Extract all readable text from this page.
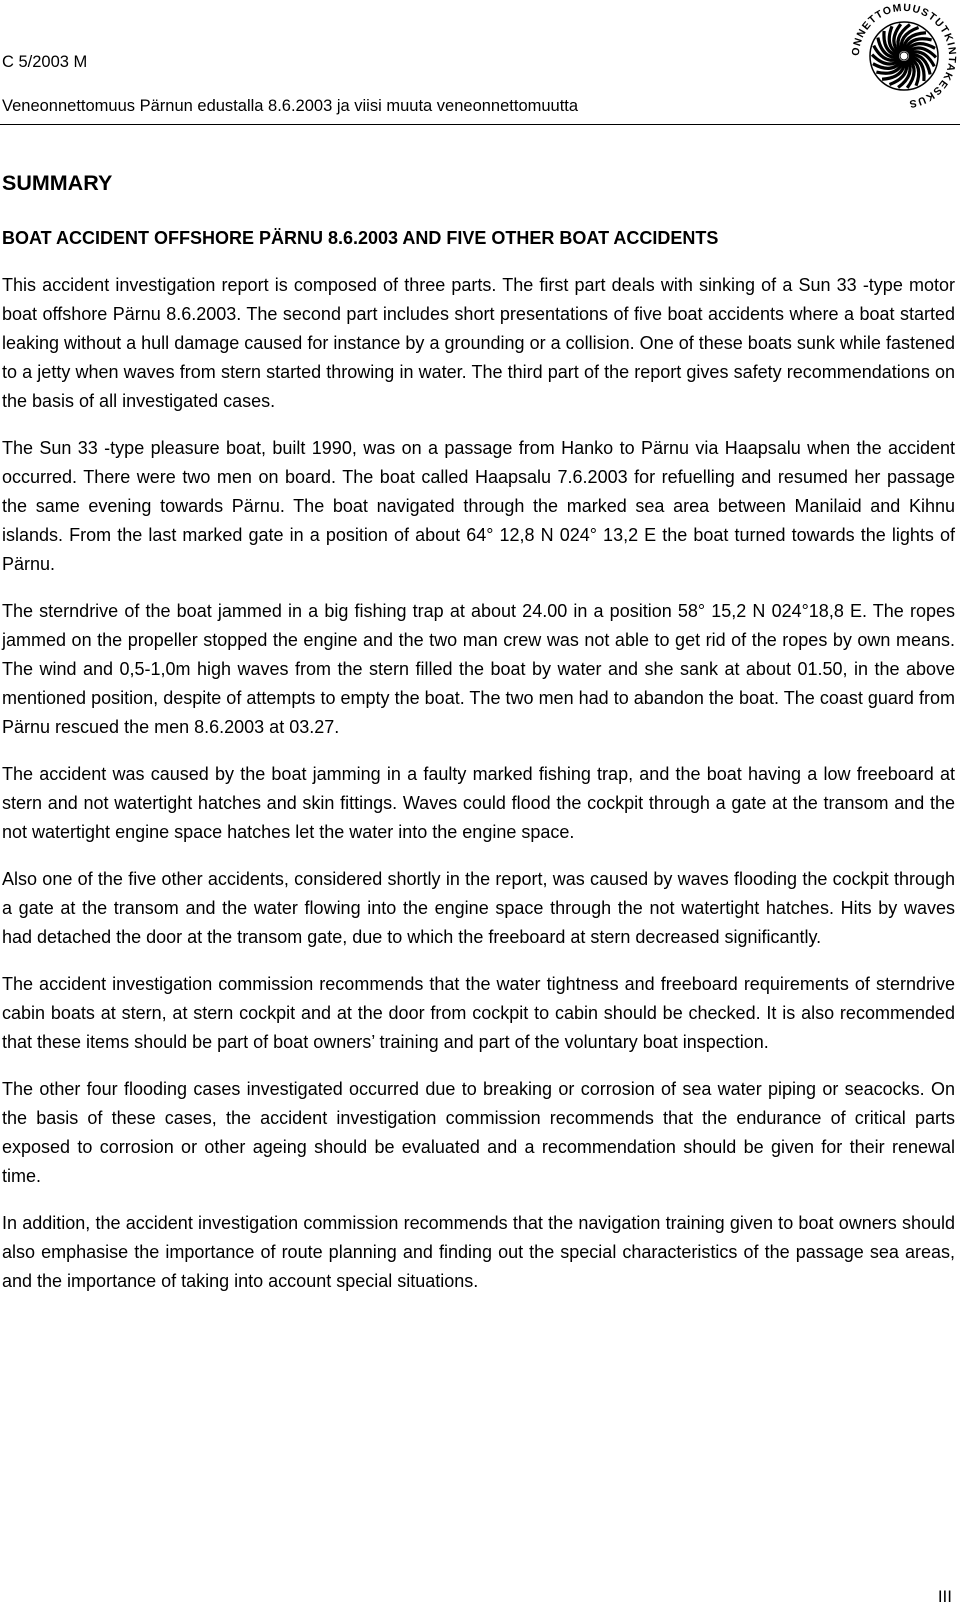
C 5/2003 M
Veneonnettomuus Pärnun edustalla 8.6.2003 ja viisi muuta veneonnettomuutta
ONNETTOMUUSTUTKINTAKESKUS
SUMMARY
BOAT ACCIDENT OFFSHORE PÄRNU 8.6.2003 AND FIVE OTHER BOAT ACCIDENTS

This accident investigation report is composed of three parts. The first part deals with sinking of a Sun 33 -type motor boat offshore Pärnu 8.6.2003. The second part includes short presentations of five boat accidents where a boat started leaking without a hull damage caused for instance by a grounding or a collision. One of these boats sunk while fastened to a jetty when waves from stern started throwing in water. The third part of the report gives safety recommendations on the basis of all investigated cases.

The Sun 33 -type pleasure boat, built 1990, was on a passage from Hanko to Pärnu via Haapsalu when the accident occurred. There were two men on board. The boat called Haapsalu 7.6.2003 for refuelling and resumed her passage the same evening towards Pärnu. The boat navigated through the marked sea area between Manilaid and Kihnu islands. From the last marked gate in a position of about 64° 12,8 N 024° 13,2 E the boat turned towards the lights of Pärnu.

The sterndrive of the boat jammed in a big fishing trap at about 24.00 in a position 58° 15,2 N 024°18,8 E. The ropes jammed on the propeller stopped the engine and the two man crew was not able to get rid of the ropes by own means. The wind and 0,5-1,0m high waves from the stern filled the boat by water and she sank at about 01.50, in the above mentioned position, despite of attempts to empty the boat. The two men had to abandon the boat. The coast guard from Pärnu rescued the men 8.6.2003 at 03.27.

The accident was caused by the boat jamming in a faulty marked fishing trap, and the boat having a low freeboard at stern and not watertight hatches and skin fittings. Waves could flood the cockpit through a gate at the transom and the not watertight engine space hatches let the water into the engine space.

Also one of the five other accidents, considered shortly in the report, was caused by waves flooding the cockpit through a gate at the transom and the water flowing into the engine space through the not watertight hatches. Hits by waves had detached the door at the transom gate, due to which the freeboard at stern decreased significantly.

The accident investigation commission recommends that the water tightness and freeboard requirements of sterndrive cabin boats at stern, at stern cockpit and at the door from cockpit to cabin should be checked. It is also recommended that these items should be part of boat owners’ training and part of the voluntary boat inspection.

The other four flooding cases investigated occurred due to breaking or corrosion of sea water piping or seacocks. On the basis of these cases, the accident investigation commission recommends that the endurance of critical parts exposed to corrosion or other ageing should be evaluated and a recommendation should be given for their renewal time.

In addition, the accident investigation commission recommends that the navigation training given to boat owners should also emphasise the importance of route planning and finding out the special characteristics of the passage sea areas, and the importance of taking into account special situations.

III
